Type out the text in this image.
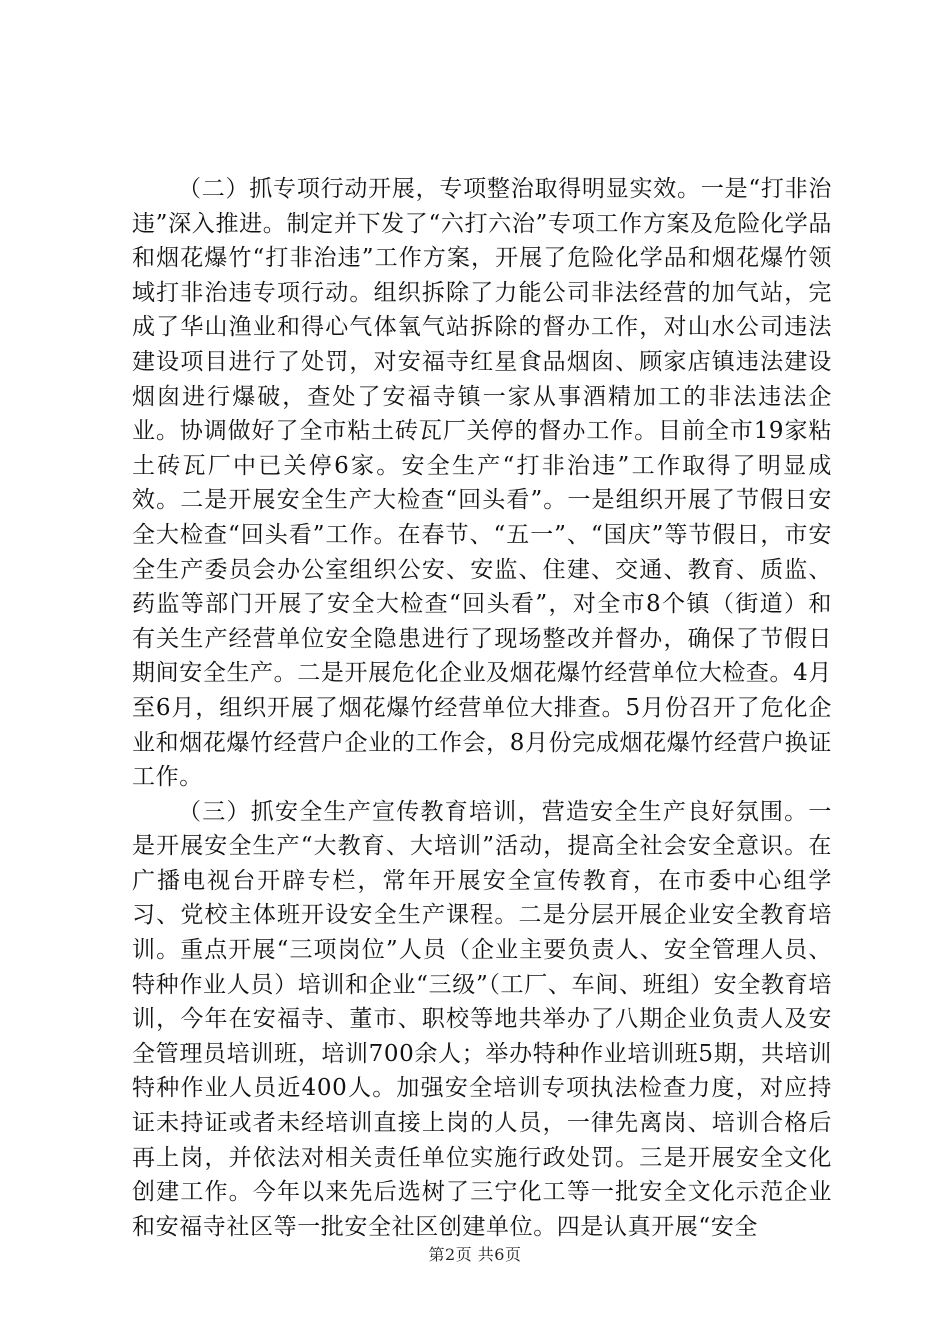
（二）抓专项行动开展，专项整治取得明显实效。一是“打非治违”深入推进。制定并下发了“六打六治”专项工作方案及危险化学品和烟花爆竹“打非治违”工作方案，开展了危险化学品和烟花爆竹领域打非治违专项行动。组织拆除了力能公司非法经营的加气站，完成了华山渔业和得心气体氧气站拆除的督办工作，对山水公司违法建设项目进行了处罚，对安福寺红星食品烟囱、顾家店镇违法建设烟囱进行爆破，查处了安福寺镇一家从事酒精加工的非法违法企业。协调做好了全市粘土砖瓦厂关停的督办工作。目前全市19家粘土砖瓦厂中已关停6家。安全生产“打非治违”工作取得了明显成效。二是开展安全生产大检查“回头看”。一是组织开展了节假日安全大检查“回头看”工作。在春节、“五一”、“国庆”等节假日，市安全生产委员会办公室组织公安、安监、住建、交通、教育、质监、药监等部门开展了安全大检查“回头看”，对全市8个镇（街道）和有关生产经营单位安全隐患进行了现场整改并督办，确保了节假日期间安全生产。二是开展危化企业及烟花爆竹经营单位大检查。4月至6月，组织开展了烟花爆竹经营单位大排查。5月份召开了危化企业和烟花爆竹经营户企业的工作会，8月份完成烟花爆竹经营户换证工作。

（三）抓安全生产宣传教育培训，营造安全生产良好氛围。一是开展安全生产“大教育、大培训”活动，提高全社会安全意识。在广播电视台开辟专栏，常年开展安全宣传教育，在市委中心组学习、党校主体班开设安全生产课程。二是分层开展企业安全教育培训。重点开展“三项岗位”人员（企业主要负责人、安全管理人员、特种作业人员）培训和企业“三级”（工厂、车间、班组）安全教育培训，今年在安福寺、董市、职校等地共举办了八期企业负责人及安全管理员培训班，培训700余人；举办特种作业培训班5期，共培训特种作业人员近400人。加强安全培训专项执法检查力度，对应持证未持证或者未经培训直接上岗的人员，一律先离岗、培训合格后再上岗，并依法对相关责任单位实施行政处罚。三是开展安全文化创建工作。今年以来先后选树了三宁化工等一批安全文化示范企业和安福寺社区等一批安全社区创建单位。四是认真开展“安全

第2页 共6页
